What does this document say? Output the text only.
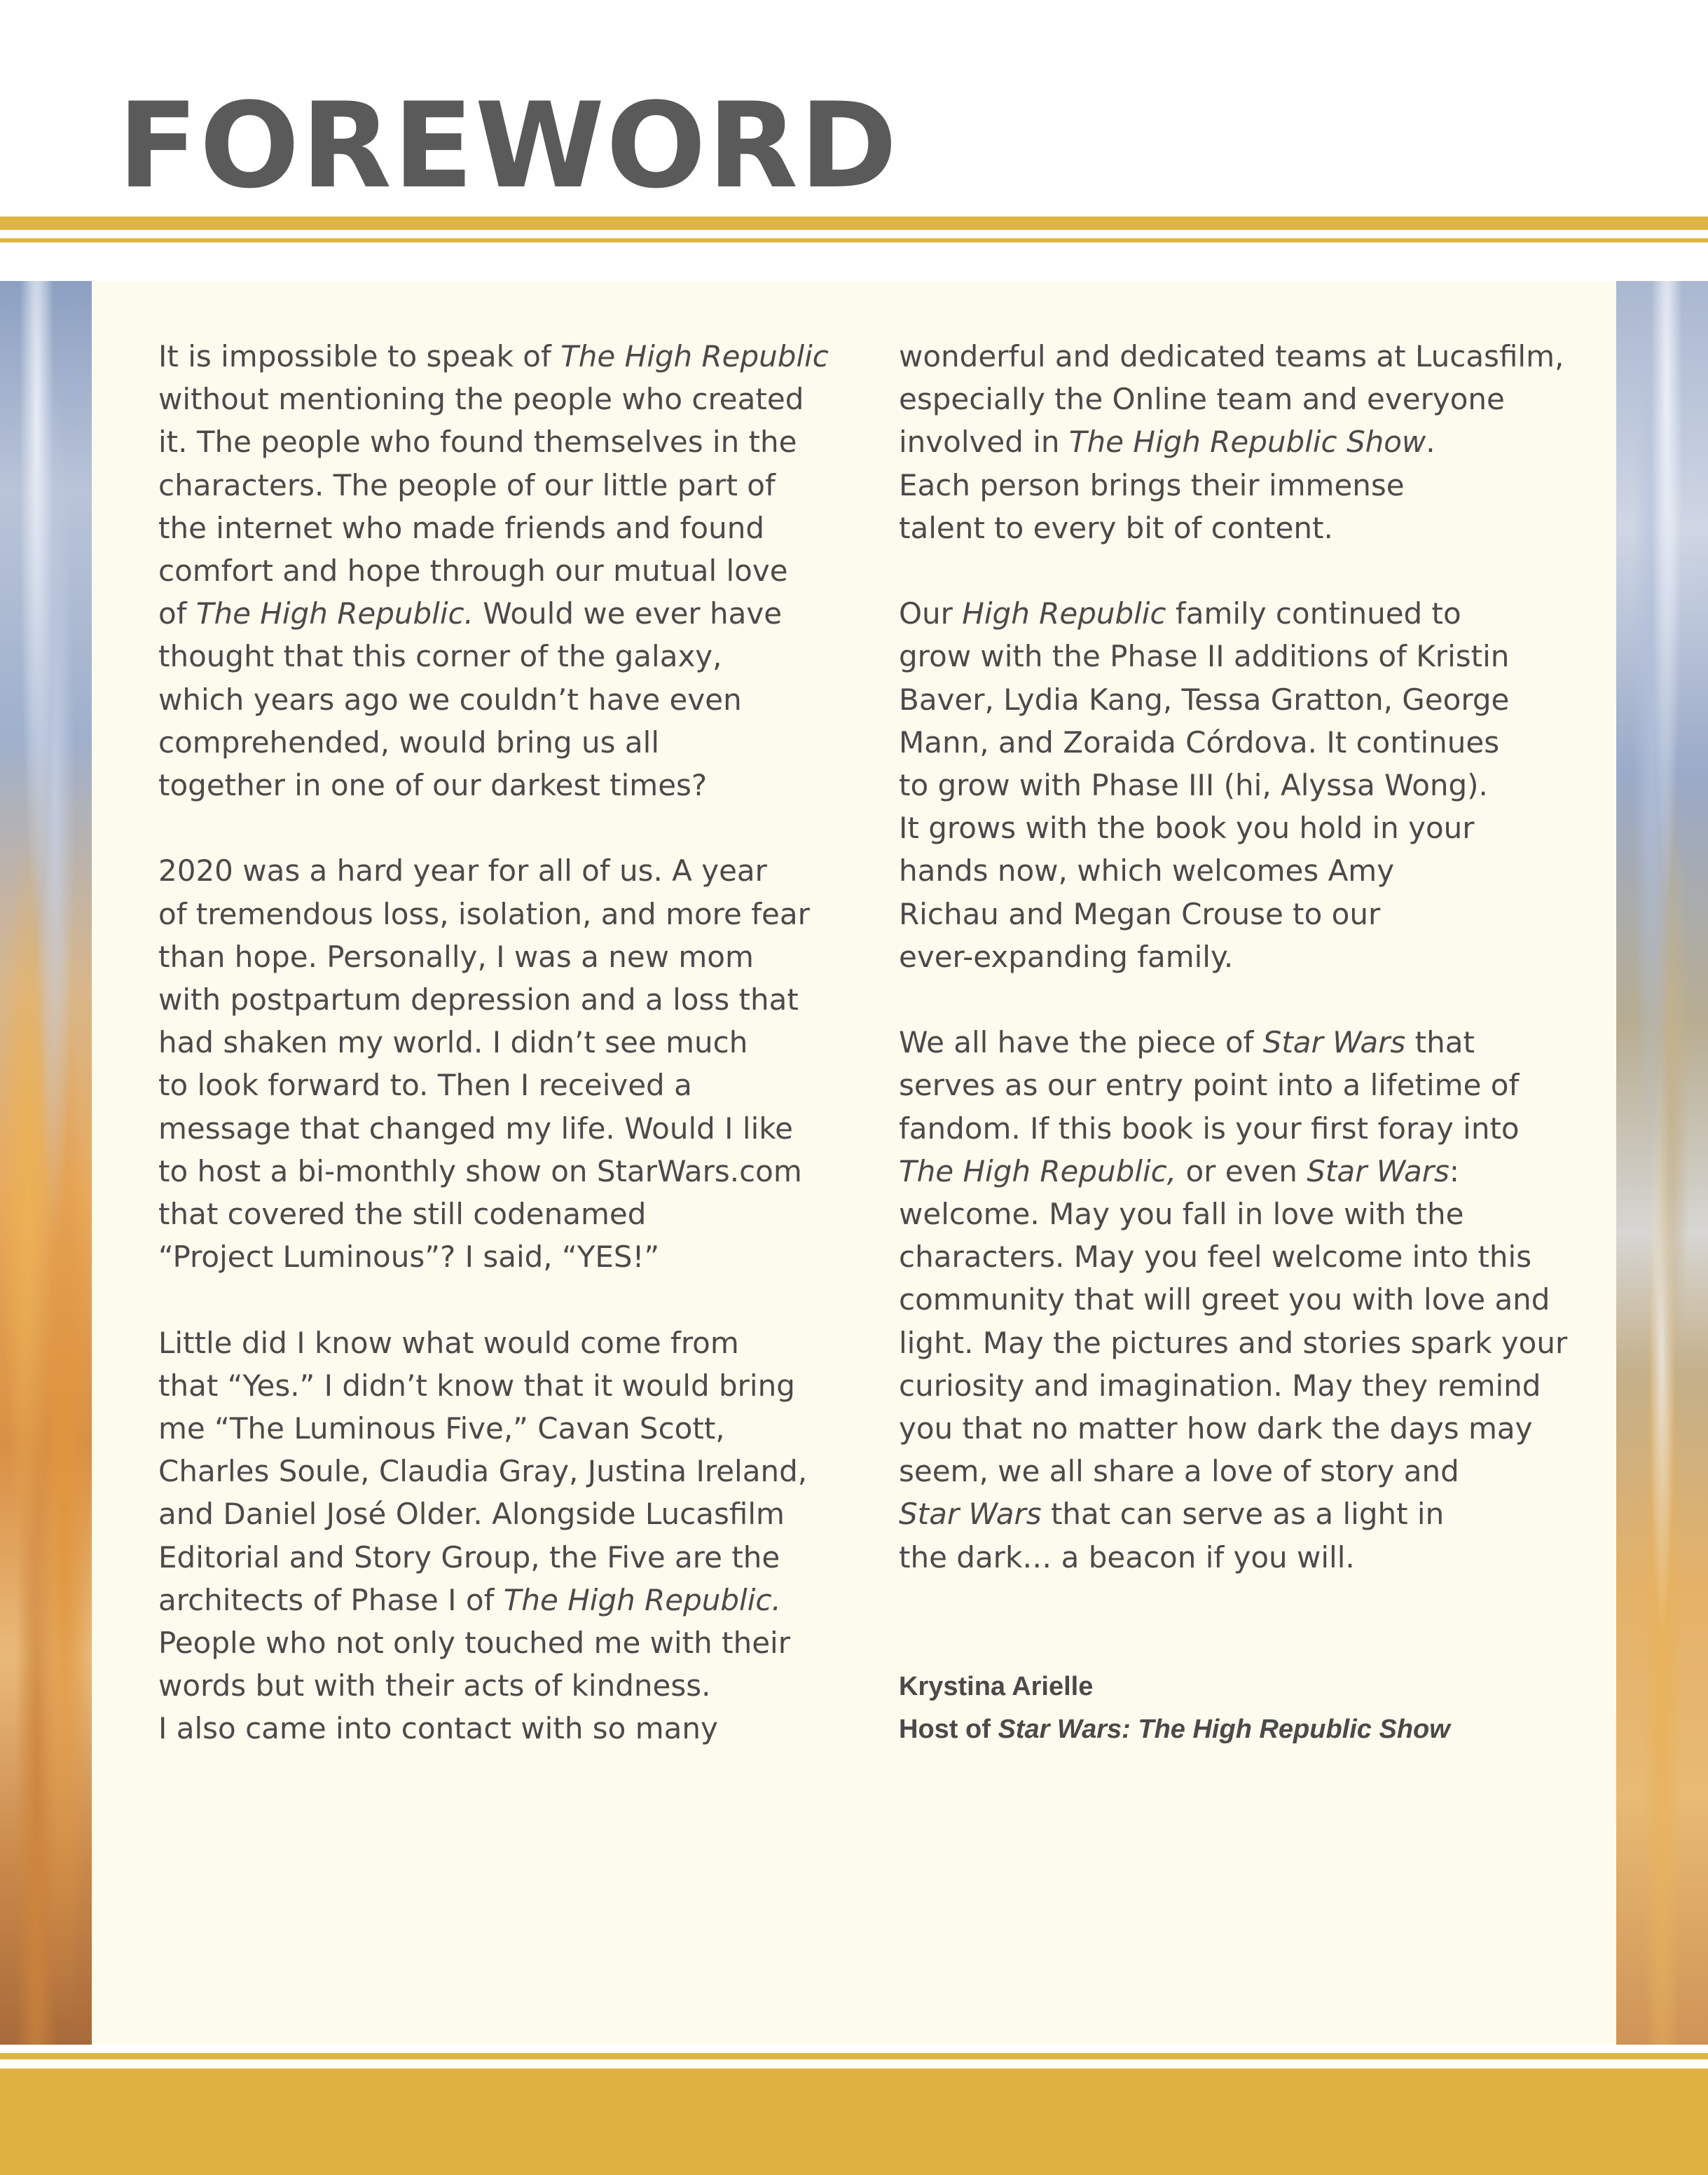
FOREWORD

It is impossible to speak of The High Republic
without mentioning the people who created
it. The people who found themselves in the
characters. The people of our little part of
the internet who made friends and found
comfort and hope through our mutual love
of The High Republic. Would we ever have
thought that this corner of the galaxy,
which years ago we couldn’t have even
comprehended, would bring us all
together in one of our darkest times?

2020 was a hard year for all of us. A year
of tremendous loss, isolation, and more fear
than hope. Personally, I was a new mom
with postpartum depression and a loss that
had shaken my world. I didn’t see much
to look forward to. Then I received a
message that changed my life. Would I like
to host a bi-monthly show on StarWars.com
that covered the still codenamed
“Project Luminous”? I said, “YES!”

Little did I know what would come from
that “Yes.” I didn’t know that it would bring
me “The Luminous Five,” Cavan Scott,
Charles Soule, Claudia Gray, Justina Ireland,
and Daniel José Older. Alongside Lucasfilm
Editorial and Story Group, the Five are the
architects of Phase I of The High Republic.
People who not only touched me with their
words but with their acts of kindness.
I also came into contact with so many

wonderful and dedicated teams at Lucasfilm,
especially the Online team and everyone
involved in The High Republic Show.
Each person brings their immense
talent to every bit of content.

Our High Republic family continued to
grow with the Phase II additions of Kristin
Baver, Lydia Kang, Tessa Gratton, George
Mann, and Zoraida Córdova. It continues
to grow with Phase III (hi, Alyssa Wong).
It grows with the book you hold in your
hands now, which welcomes Amy
Richau and Megan Crouse to our
ever-expanding family.

We all have the piece of Star Wars that
serves as our entry point into a lifetime of
fandom. If this book is your first foray into
The High Republic, or even Star Wars:
welcome. May you fall in love with the
characters. May you feel welcome into this
community that will greet you with love and
light. May the pictures and stories spark your
curiosity and imagination. May they remind
you that no matter how dark the days may
seem, we all share a love of story and
Star Wars that can serve as a light in
the dark… a beacon if you will.

Krystina Arielle
Host of Star Wars: The High Republic Show
